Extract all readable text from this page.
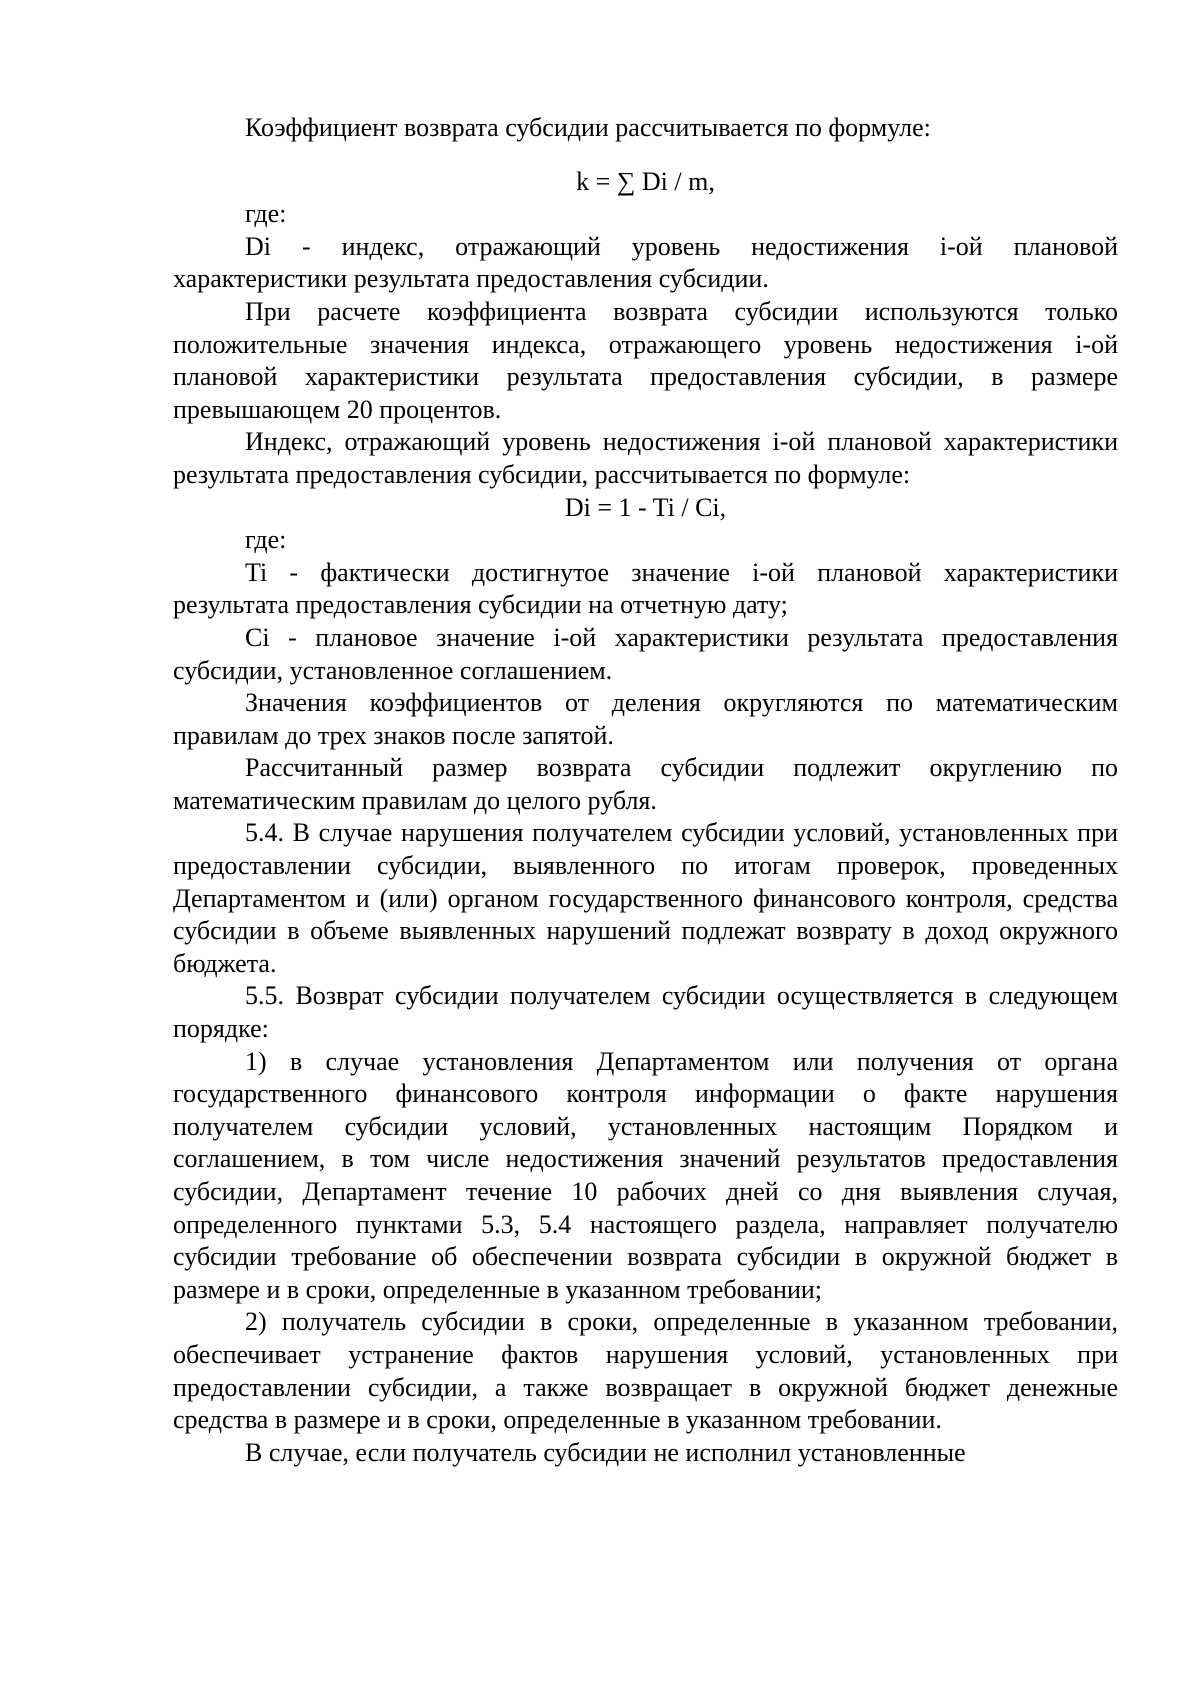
Коэффициент возврата субсидии рассчитывается по формуле:

k = ∑ Di / m,

где:

Di - индекс, отражающий уровень недостижения i-ой плановой характеристики результата предоставления субсидии.

При расчете коэффициента возврата субсидии используются только положительные значения индекса, отражающего уровень недостижения i-ой плановой характеристики результата предоставления субсидии, в размере превышающем 20 процентов.

Индекс, отражающий уровень недостижения i-ой плановой характеристики результата предоставления субсидии, рассчитывается по формуле:

Di = 1 - Ti / Ci,

где:

Ti - фактически достигнутое значение i-ой плановой характеристики результата предоставления субсидии на отчетную дату;

Ci - плановое значение i-ой характеристики результата предоставления субсидии, установленное соглашением.

Значения коэффициентов от деления округляются по математическим правилам до трех знаков после запятой.

Рассчитанный размер возврата субсидии подлежит округлению по математическим правилам до целого рубля.

5.4. В случае нарушения получателем субсидии условий, установленных при предоставлении субсидии, выявленного по итогам проверок, проведенных Департаментом и (или) органом государственного финансового контроля, средства субсидии в объеме выявленных нарушений подлежат возврату в доход окружного бюджета.

5.5. Возврат субсидии получателем субсидии осуществляется в следующем порядке:

1) в случае установления Департаментом или получения от органа государственного финансового контроля информации о факте нарушения получателем субсидии условий, установленных настоящим Порядком и соглашением, в том числе недостижения значений результатов предоставления субсидии, Департамент течение 10 рабочих дней со дня выявления случая, определенного пунктами 5.3, 5.4 настоящего раздела, направляет получателю субсидии требование об обеспечении возврата субсидии в окружной бюджет в размере и в сроки, определенные в указанном требовании;

2) получатель субсидии в сроки, определенные в указанном требовании, обеспечивает устранение фактов нарушения условий, установленных при предоставлении субсидии, а также возвращает в окружной бюджет денежные средства в размере и в сроки, определенные в указанном требовании.

В случае, если получатель субсидии не исполнил установленные
